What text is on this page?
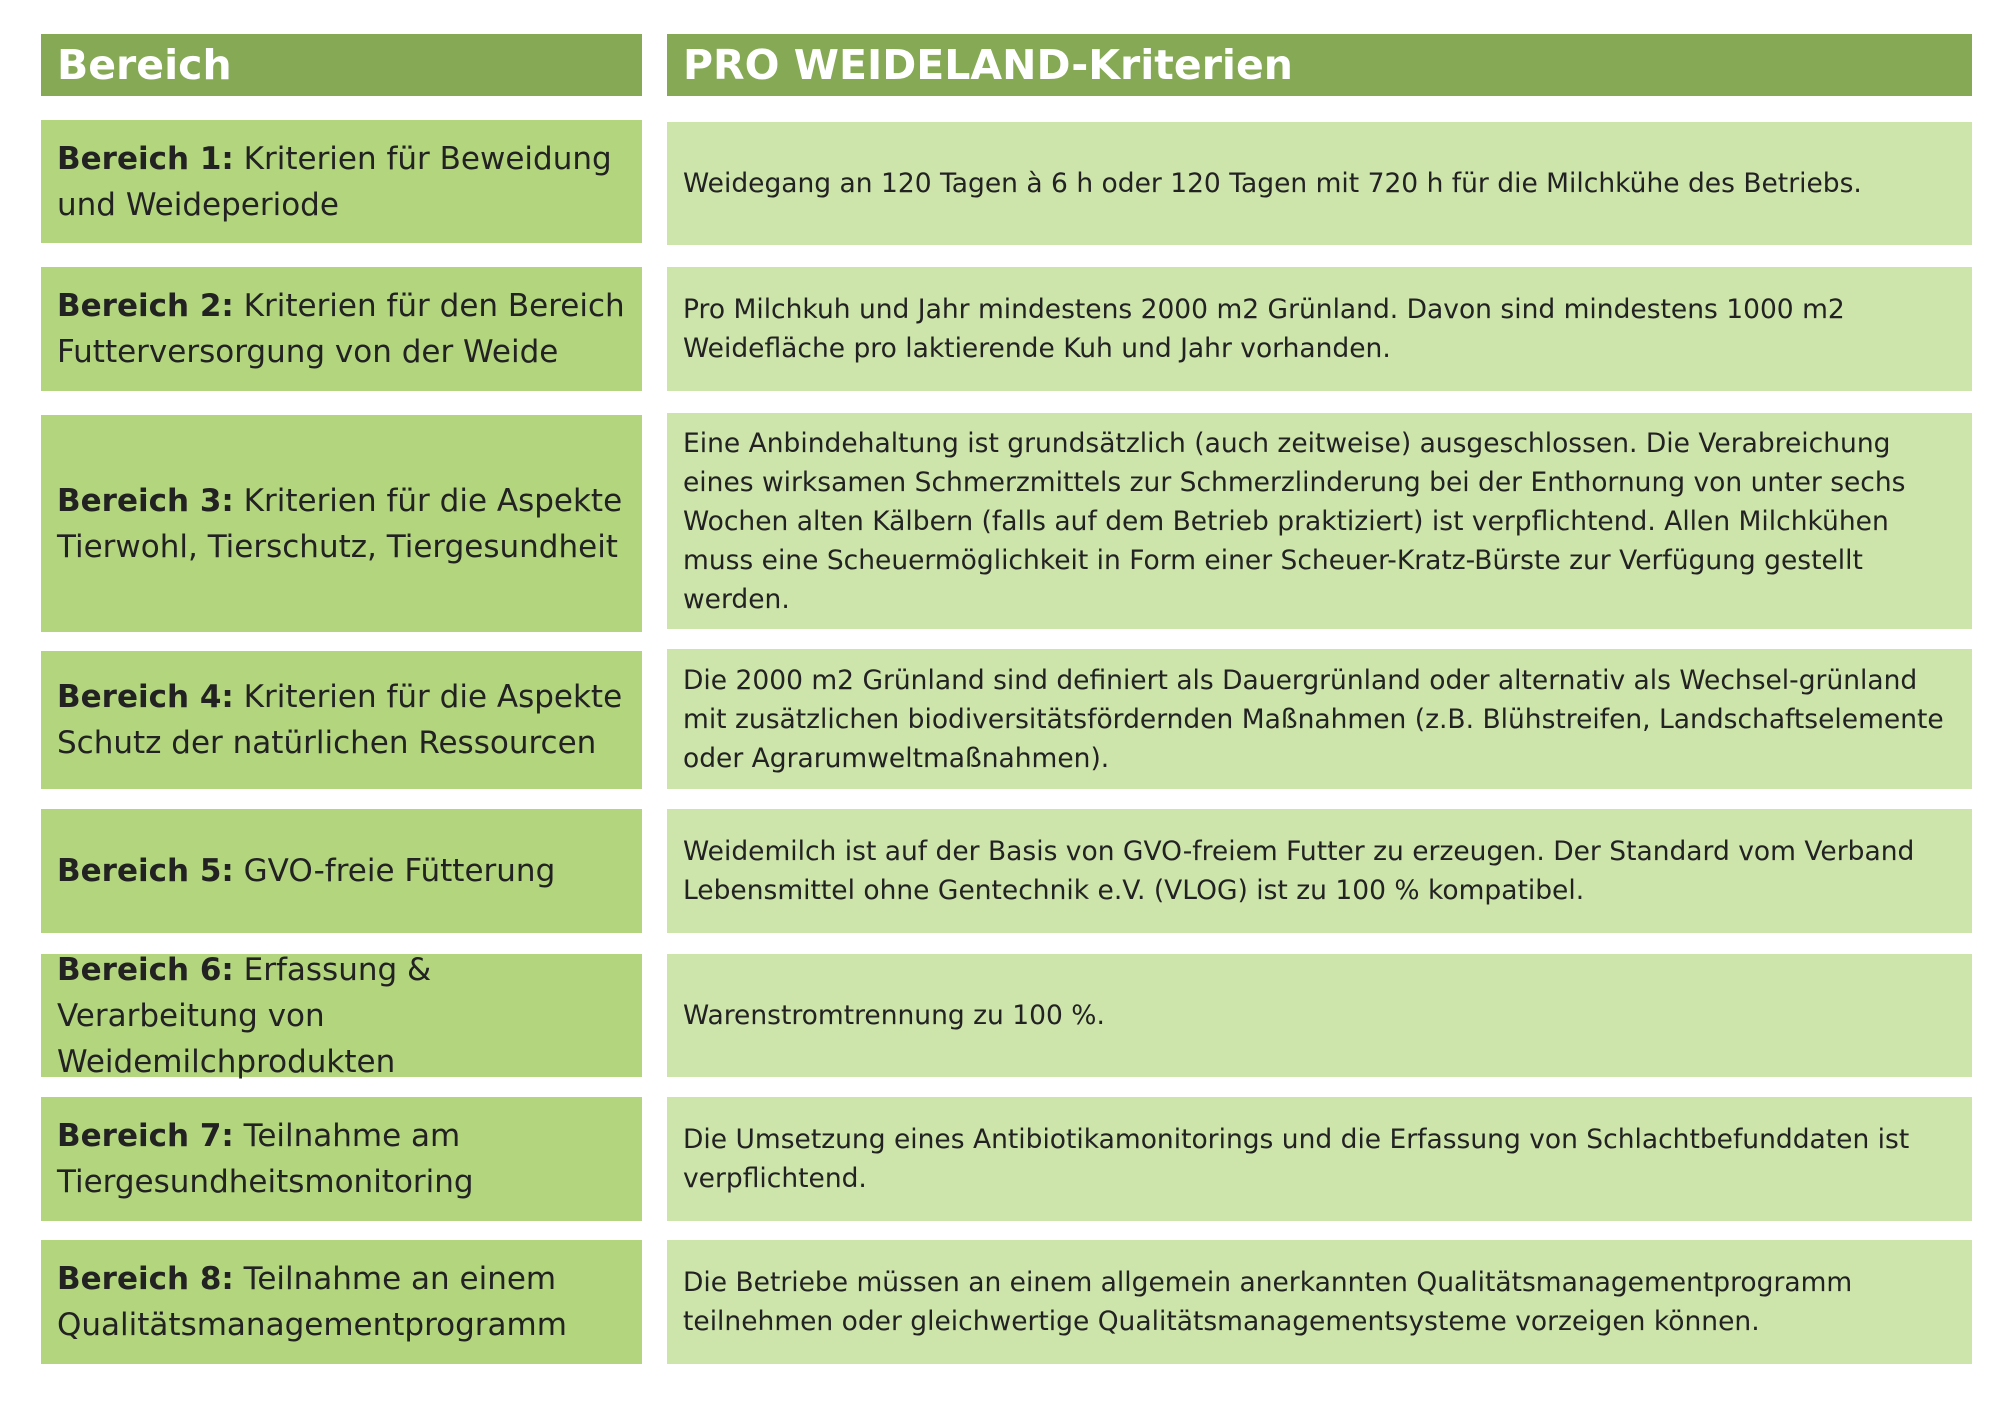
Bereich	PRO WEIDELAND-Kriterien
Bereich 1: Kriterien für Beweidung und Weideperiode
Weidegang an 120 Tagen à 6 h oder 120 Tagen mit 720 h für die Milchkühe des Betriebs.
Bereich 2: Kriterien für den Bereich Futterversorgung von der Weide
Pro Milchkuh und Jahr mindestens 2000 m2 Grünland. Davon sind mindestens 1000 m2 Weidefläche pro laktierende Kuh und Jahr vorhanden.
Bereich 3: Kriterien für die Aspekte Tierwohl, Tierschutz, Tiergesundheit
Eine Anbindehaltung ist grundsätzlich (auch zeitweise) ausgeschlossen. Die Verabreichung eines wirksamen Schmerzmittels zur Schmerzlinderung bei der Enthornung von unter sechs Wochen alten Kälbern (falls auf dem Betrieb praktiziert) ist verpflichtend. Allen Milchkühen muss eine Scheuermöglichkeit in Form einer Scheuer-Kratz-Bürste zur Verfügung gestellt werden.
Bereich 4: Kriterien für die Aspekte Schutz der natürlichen Ressourcen
Die 2000 m2 Grünland sind definiert als Dauergrünland oder alternativ als Wechsel-grünland mit zusätzlichen biodiversitätsfördernden Maßnahmen (z.B. Blühstreifen, Landschaftselemente oder Agrarumweltmaßnahmen).
Bereich 5: GVO-freie Fütterung
Weidemilch ist auf der Basis von GVO-freiem Futter zu erzeugen. Der Standard vom Verband Lebensmittel ohne Gentechnik e.V. (VLOG) ist zu 100 % kompatibel.
Bereich 6: Erfassung & Verarbeitung von Weidemilchprodukten
Warenstromtrennung zu 100 %.
Bereich 7: Teilnahme am Tiergesundheitsmonitoring
Die Umsetzung eines Antibiotikamonitorings und die Erfassung von Schlachtbefunddaten ist verpflichtend.
Bereich 8: Teilnahme an einem Qualitätsmanagementprogramm
Die Betriebe müssen an einem allgemein anerkannten Qualitätsmanagementprogramm teilnehmen oder gleichwertige Qualitätsmanagementsysteme vorzeigen können.
